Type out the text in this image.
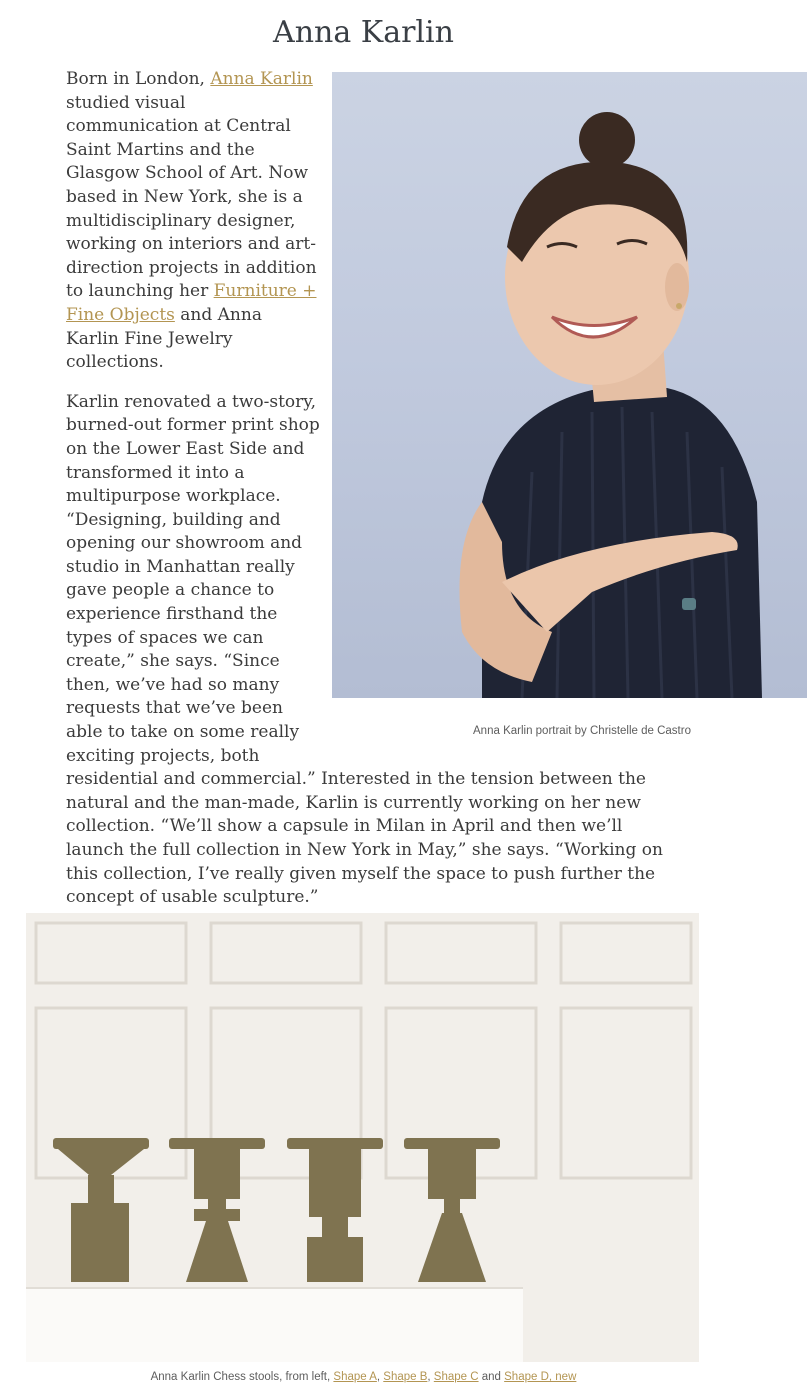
Anna Karlin
Anna Karlin portrait by Christelle de Castro

Born in London, Anna Karlin studied visual communication at Central Saint Martins and the Glasgow School of Art. Now based in New York, she is a multidisciplinary designer, working on interiors and art-direction projects in addition to launching her Furniture + Fine Objects and Anna Karlin Fine Jewelry collections.

Karlin renovated a two-story, burned-out former print shop on the Lower East Side and transformed it into a multipurpose workplace. “Designing, building and opening our showroom and studio in Manhattan really gave people a chance to experience firsthand the types of spaces we can create,” she says. “Since then, we’ve had so many requests that we’ve been able to take on some really exciting projects, both residential and commercial.” Interested in the tension between the natural and the man-made, Karlin is currently working on her new collection. “We’ll show a capsule in Milan in April and then we’ll launch the full collection in New York in May,” she says. “Working on this collection, I’ve really given myself the space to push further the concept of usable sculpture.”

Anna Karlin Chess stools, from left, Shape A, Shape B, Shape C and Shape D, new
